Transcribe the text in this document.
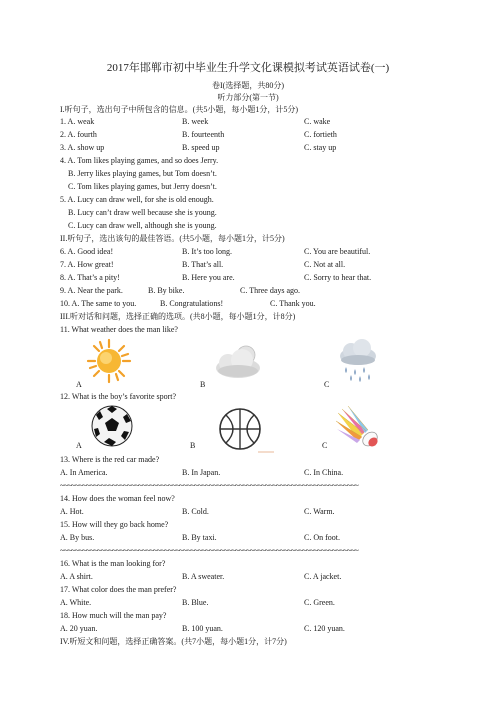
2017年邯郸市初中毕业生升学文化课模拟考试英语试卷(一)
卷I(选择题，共80分)
听力部分(第一节)
I.听句子，选出句子中所包含的信息。(共5小题，每小题1分，计5分)
1. A. weak	B. week	C. wake
2. A. fourth	B. fourteenth	C. fortieth
3. A. show up	B. speed up	C. stay up
4. A. Tom likes playing games, and so does Jerry.
B. Jerry likes playing games, but Tom doesn’t.
C. Tom likes playing games, but Jerry doesn’t.
5. A. Lucy can draw well, for she is old enough.
B. Lucy can’t draw well because she is young.
C. Lucy can draw well, although she is young.
II.听句子，选出该句的最佳答语。(共5小题，每小题1分，计5分)
6. A. Good idea!	B. It’s too long.	C. You are beautiful.
7. A. How great!	B. That’s all.	C. Not at all.
8. A. That’s a pity!	B. Here you are.	C. Sorry to hear that.
9. A. Near the park.	B. By bike.	C. Three days ago.
10. A. The same to you.	B. Congratulations!	C. Thank you.
III.听对话和问题，选择正确的选项。(共8小题，每小题1分，计8分)
11. What weather does the man like?
A	B	C
12. What is the boy’s favorite sport?
A	B	C
13. Where is the red car made?
A. In America.	B. In Japan.	C. In China.
~~~~~~~~~~~~~~~~~~~~~~~~~~~~~~~~~~~~~~~~~~~~~~~~~~~~~~~~~~~~~~~~~~~~~~~~~~~~~~~~
14. How does the woman feel now?
A. Hot.	B. Cold.	C. Warm.
15. How will they go back home?
A. By bus.	B. By taxi.	C. On foot.
~~~~~~~~~~~~~~~~~~~~~~~~~~~~~~~~~~~~~~~~~~~~~~~~~~~~~~~~~~~~~~~~~~~~~~~~~~~~~~~~
16. What is the man looking for?
A. A shirt.	B. A sweater.	C. A jacket.
17. What color does the man prefer?
A. White.	B. Blue.	C. Green.
18. How much will the man pay?
A. 20 yuan.	B. 100 yuan.	C. 120 yuan.
IV.听短文和问题，选择正确答案。(共7小题，每小题1分，计7分)
